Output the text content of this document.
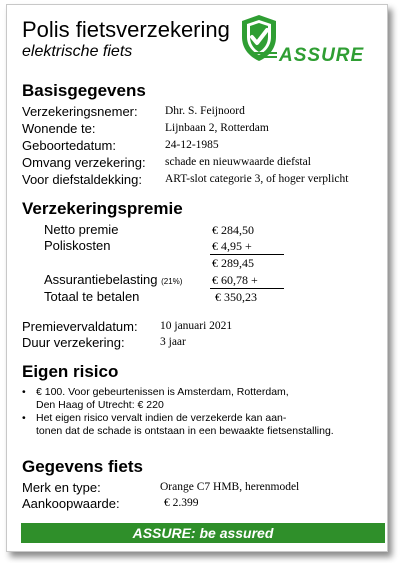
Polis fietsverzekering
elektrische fiets	ASSURE
Basisgegevens
Verzekeringsnemer: Dhr. S. Feijnoord
Wonende te:	Lijnbaan 2, Rotterdam
Geboortedatum:	24-12-1985
Omvang verzekering: schade en nieuwwaarde diefstal
Voor diefstaldekking: ART-slot categorie 3, of hoger verplicht
Verzekeringspremie
Netto premie	€ 284,50
Poliskosten	€ 4,95 +
€ 289,45
Assurantiebelasting (21%) € 60,78 +
Totaal te betalen	€ 350,23
Premievervaldatum: 10 januari 2021
Duur verzekering:	3 jaar
Eigen risico
• € 100. Voor gebeurtenissen is Amsterdam, Rotterdam,
Den Haag of Utrecht: € 220
• Het eigen risico vervalt indien de verzekerde kan aan-
tonen dat de schade is ontstaan in een bewaakte fietsenstalling.
Gegevens fiets
Merk en type:	Orange C7 HMB, herenmodel
Aankoopwaarde:	€ 2.399
ASSURE: be assured
